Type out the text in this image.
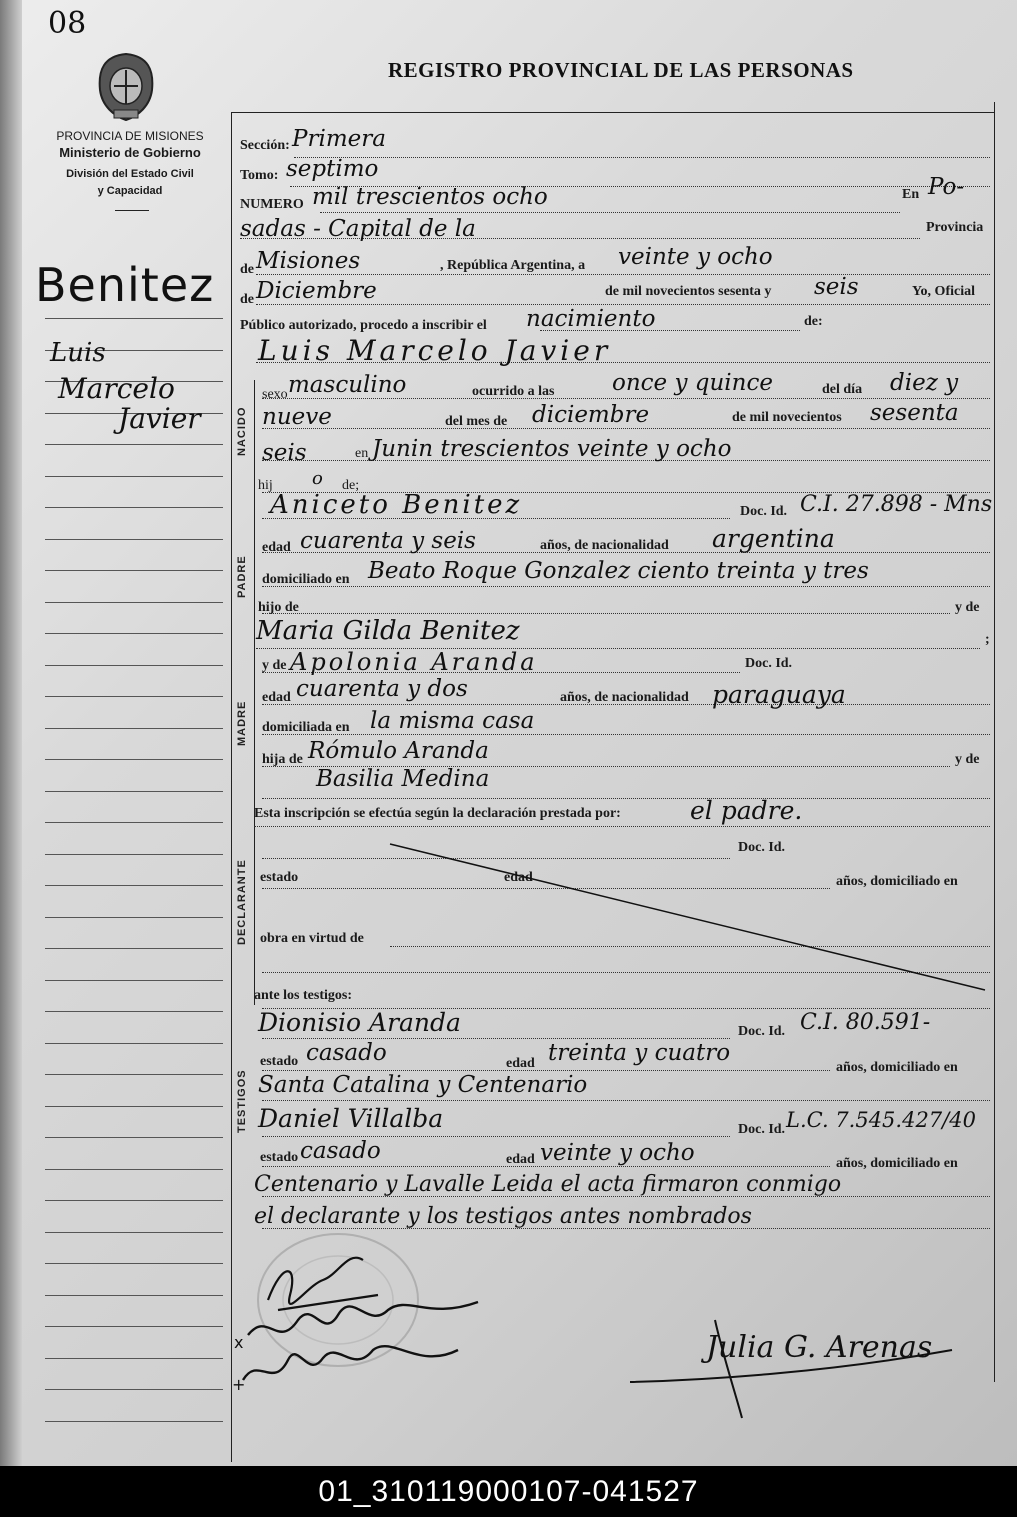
08
PROVINCIA DE MISIONES
Ministerio de Gobierno
División del Estado Civil
y Capacidad
REGISTRO PROVINCIAL DE LAS PERSONAS
Benitez
Luis
Marcelo
Javier	NACIDO
PADRE
MADRE
DECLARANTE
TESTIGOS
Sección: Primera
Tomo: septimo
NUMERO mil trescientos ocho	En Po-
sadas - Capital de la	Provincia
de Misiones	, República Argentina, a veinte y ocho
de Diciembre	de mil novecientos sesenta y seis	Yo, Oficial
Público autorizado, procedo a inscribir el nacimiento	de:
Luis Marcelo Javier
sexo masculino	ocurrido a las	once y quince	del día diez y
nueve	del mes de diciembre	de mil novecientos sesenta
seis	en Junin trescientos veinte y ocho
hij o de;
Aniceto Benitez	Doc. Id. C.I. 27.898 - Mns
edad cuarenta y seis	años, de nacionalidad argentina
domiciliado en Beato Roque Gonzalez ciento treinta y tres
hijo de	y de
Maria Gilda Benitez	;
y de Apolonia Aranda	Doc. Id.
edad cuarenta y dos	años, de nacionalidad paraguaya
domiciliada en la misma casa
hija de Rómulo Aranda	y de
Basilia Medina
Esta inscripción se efectúa según la declaración prestada por:	el padre.
Doc. Id.
estado	edad	años, domiciliado en
obra en virtud de
ante los testigos:
Dionisio Aranda	Doc. Id. C.I. 80.591-
estado casado	edad treinta y cuatro
años, domiciliado en
Santa Catalina y Centenario
Daniel Villalba	Doc. Id. L.C. 7.545.427/40
estado casado	edad veinte y ocho	años, domiciliado en
Centenario y Lavalle Leida el acta firmaron conmigo
el declarante y los testigos antes nombrados
x
+
Julia G. Arenas
01_310119000107-041527
